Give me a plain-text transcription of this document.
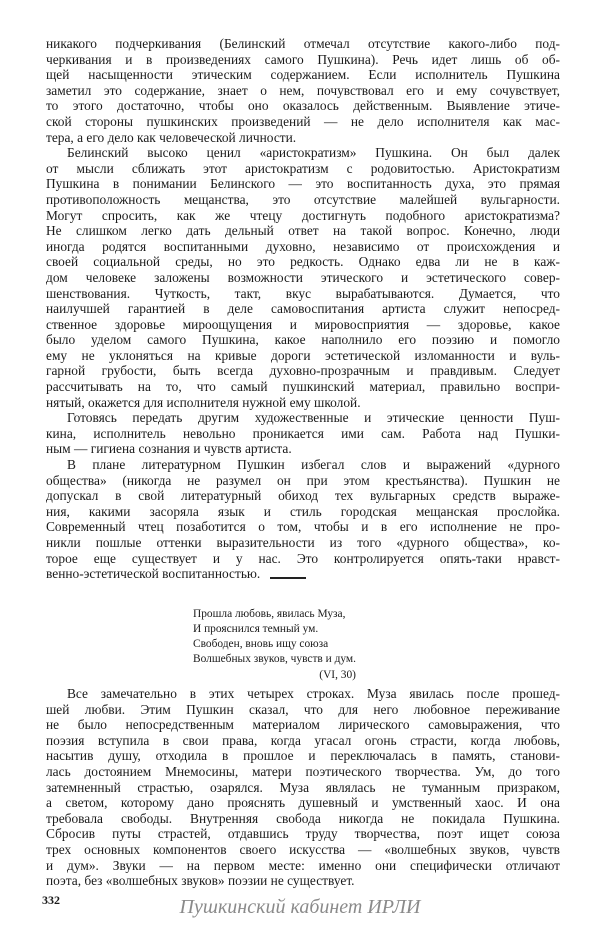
никакого подчеркивания (Белинский отмечал отсутствие какого-либо под-
черкивания и в произведениях самого Пушкина). Речь идет лишь об об-
щей насыщенности этическим содержанием. Если исполнитель Пушкина
заметил это содержание, знает о нем, почувствовал его и ему сочувствует,
то этого достаточно, чтобы оно оказалось действенным. Выявление этиче-
ской стороны пушкинских произведений — не дело исполнителя как мас-
тера, а его дело как человеческой личности.
Белинский высоко ценил «аристократизм» Пушкина. Он был далек
от мысли сближать этот аристократизм с родовитостью. Аристократизм
Пушкина в понимании Белинского — это воспитанность духа, это прямая
противоположность мещанства, это отсутствие малейшей вульгарности.
Могут спросить, как же чтецу достигнуть подобного аристократизма?
Не слишком легко дать дельный ответ на такой вопрос. Конечно, люди
иногда родятся воспитанными духовно, независимо от происхождения и
своей социальной среды, но это редкость. Однако едва ли не в каж-
дом человеке заложены возможности этического и эстетического совер-
шенствования. Чуткость, такт, вкус вырабатываются. Думается, что
наилучшей гарантией в деле самовоспитания артиста служит непосред-
ственное здоровье мироощущения и мировосприятия — здоровье, какое
было уделом самого Пушкина, какое наполнило его поэзию и помогло
ему не уклоняться на кривые дороги эстетической изломанности и вуль-
гарной грубости, быть всегда духовно-прозрачным и правдивым. Следует
рассчитывать на то, что самый пушкинский материал, правильно воспри-
нятый, окажется для исполнителя нужной ему школой.
Готовясь передать другим художественные и этические ценности Пуш-
кина, исполнитель невольно проникается ими сам. Работа над Пушки-
ным — гигиена сознания и чувств артиста.
В плане литературном Пушкин избегал слов и выражений «дурного
общества» (никогда не разумел он при этом крестьянства). Пушкин не
допускал в свой литературный обиход тех вульгарных средств выраже-
ния, какими засоряла язык и стиль городская мещанская прослойка.
Современный чтец позаботится о том, чтобы и в его исполнение не про-
никли пошлые оттенки выразительности из того «дурного общества», ко-
торое еще существует и у нас. Это контролируется опять-таки нравст-
венно-эстетической воспитанностью.
Прошла любовь, явилась Муза,
И прояснился темный ум.
Свободен, вновь ищу союза
Волшебных звуков, чувств и дум.
(VI, 30)
Все замечательно в этих четырех строках. Муза явилась после прошед-
шей любви. Этим Пушкин сказал, что для него любовное переживание
не было непосредственным материалом лирического самовыражения, что
поэзия вступила в свои права, когда угасал огонь страсти, когда любовь,
насытив душу, отходила в прошлое и переключалась в память, станови-
лась достоянием Мнемосины, матери поэтического творчества. Ум, до того
затемненный страстью, озарялся. Муза являлась не туманным призраком,
а светом, которому дано прояснять душевный и умственный хаос. И она
требовала свободы. Внутренняя свобода никогда не покидала Пушкина.
Сбросив путы страстей, отдавшись труду творчества, поэт ищет союза
трех основных компонентов своего искусства — «волшебных звуков, чувств
и дум». Звуки — на первом месте: именно они специфически отличают
поэта, без «волшебных звуков» поэзии не существует.
332	Пушкинский кабинет ИРЛИ
